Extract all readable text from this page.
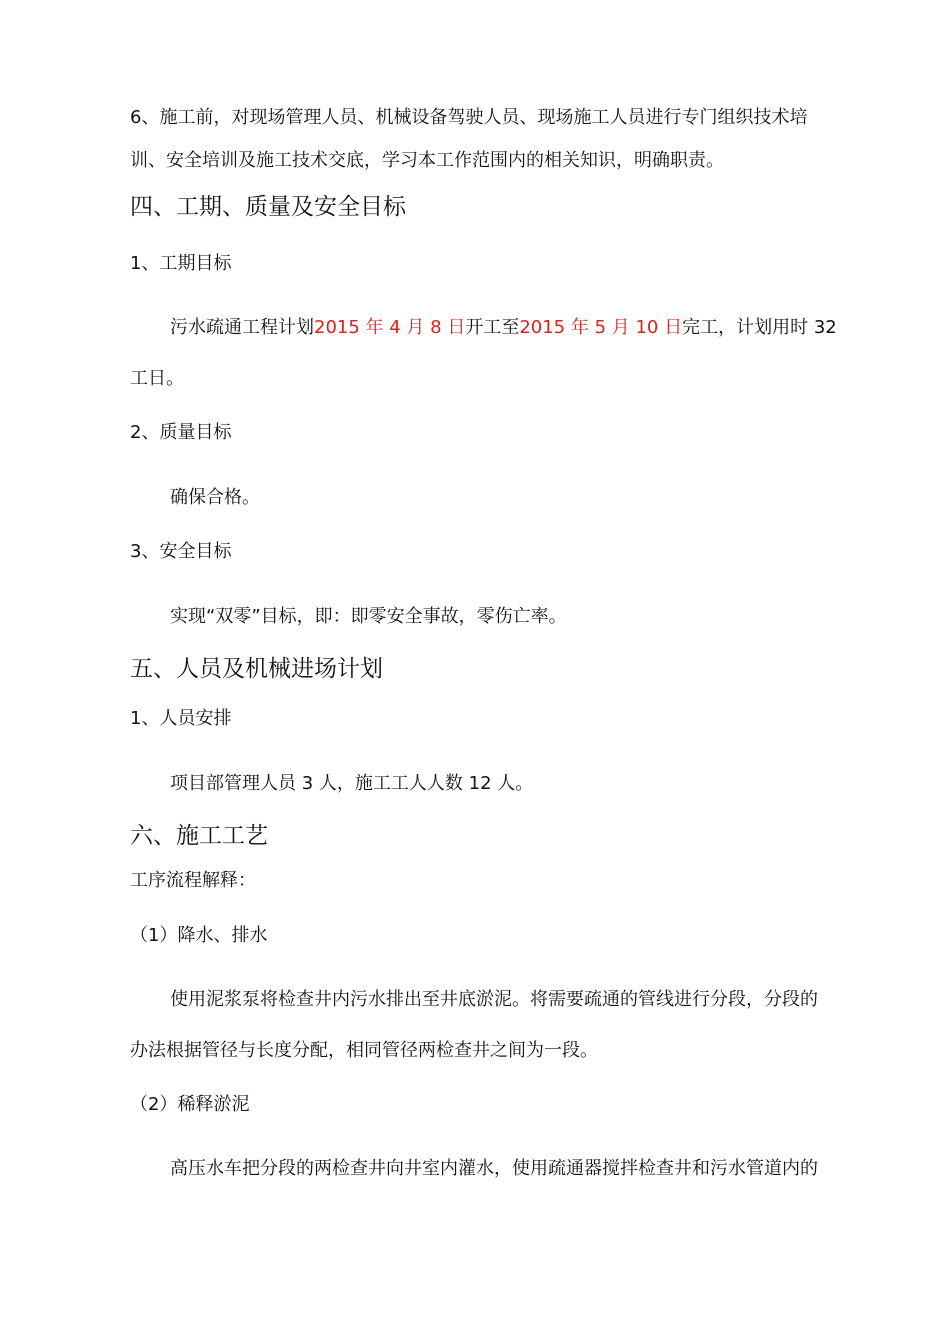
6、施工前，对现场管理人员、机械设备驾驶人员、现场施工人员进行专门组织技术培
训、安全培训及施工技术交底，学习本工作范围内的相关知识，明确职责。
四、工期、质量及安全目标
1、工期目标
污水疏通工程计划2015 年 4 月 8 日开工至2015 年 5 月 10 日完工，计划用时 32
工日。
2、质量目标
确保合格。
3、安全目标
实现“双零”目标，即：即零安全事故，零伤亡率。
五、人员及机械进场计划
1、人员安排
项目部管理人员 3 人，施工工人人数 12 人。
六、施工工艺
工序流程解释：
（1）降水、排水
使用泥浆泵将检查井内污水排出至井底淤泥。将需要疏通的管线进行分段，分段的
办法根据管径与长度分配，相同管径两检查井之间为一段。
（2）稀释淤泥
高压水车把分段的两检查井向井室内灌水，使用疏通器搅拌检查井和污水管道内的
